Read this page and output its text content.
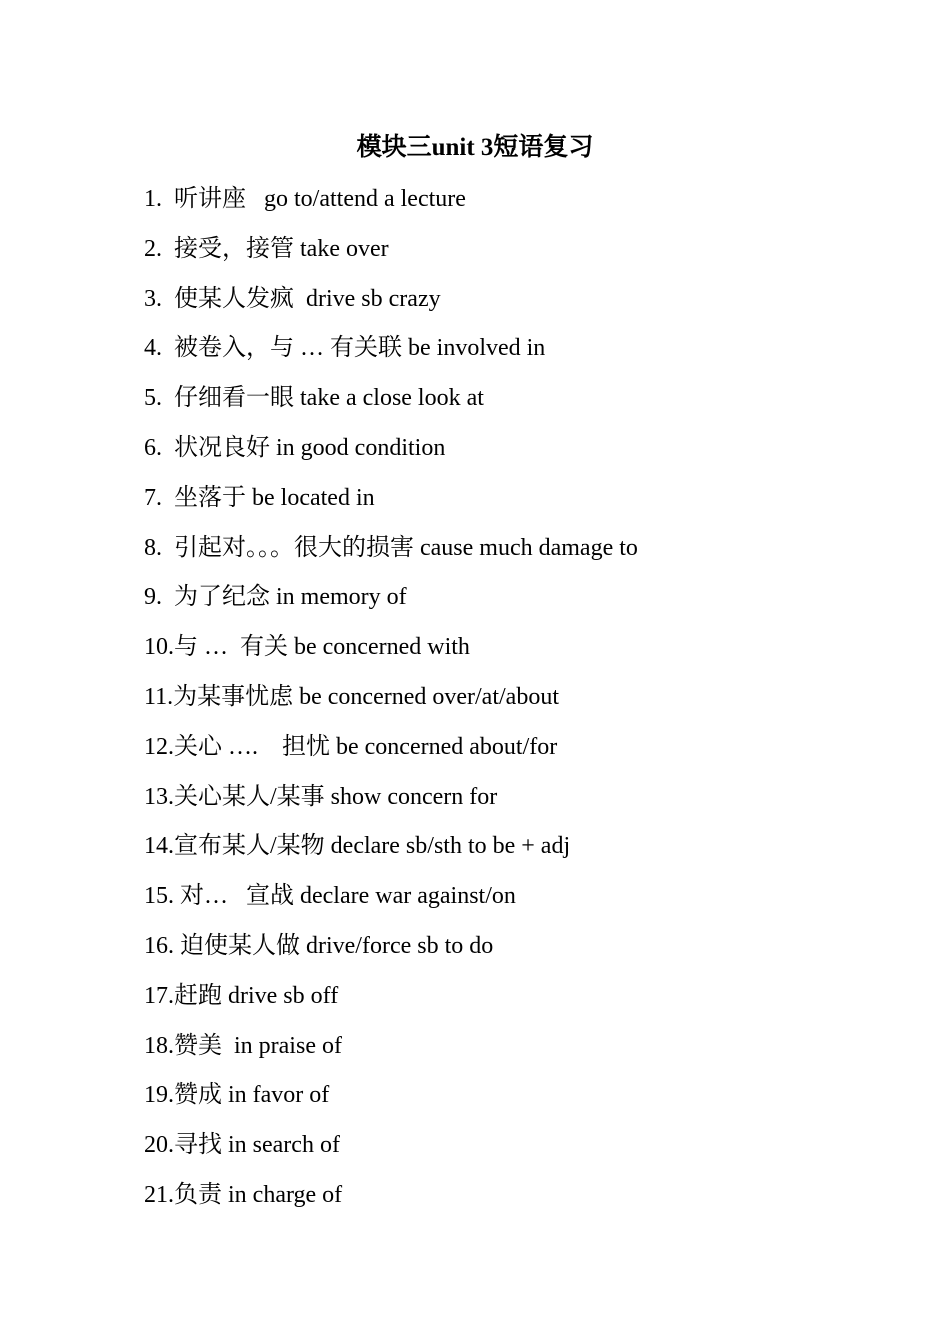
模块三unit 3短语复习
1.  听讲座   go to/attend a lecture
2.  接受，接管 take over
3.  使某人发疯  drive sb crazy
4.  被卷入，与 … 有关联 be involved in
5.  仔细看一眼 take a close look at
6.  状况良好 in good condition
7.  坐落于 be located in
8.  引起对。。。很大的损害 cause much damage to
9.  为了纪念 in memory of
10.与 …  有关 be concerned with
11.为某事忧虑 be concerned over/at/about
12.关心 ….    担忧 be concerned about/for
13.关心某人/某事 show concern for
14.宣布某人/某物 declare sb/sth to be + adj
15. 对…   宣战 declare war against/on
16. 迫使某人做 drive/force sb to do
17.赶跑 drive sb off
18.赞美  in praise of
19.赞成 in favor of
20.寻找 in search of
21.负责 in charge of
